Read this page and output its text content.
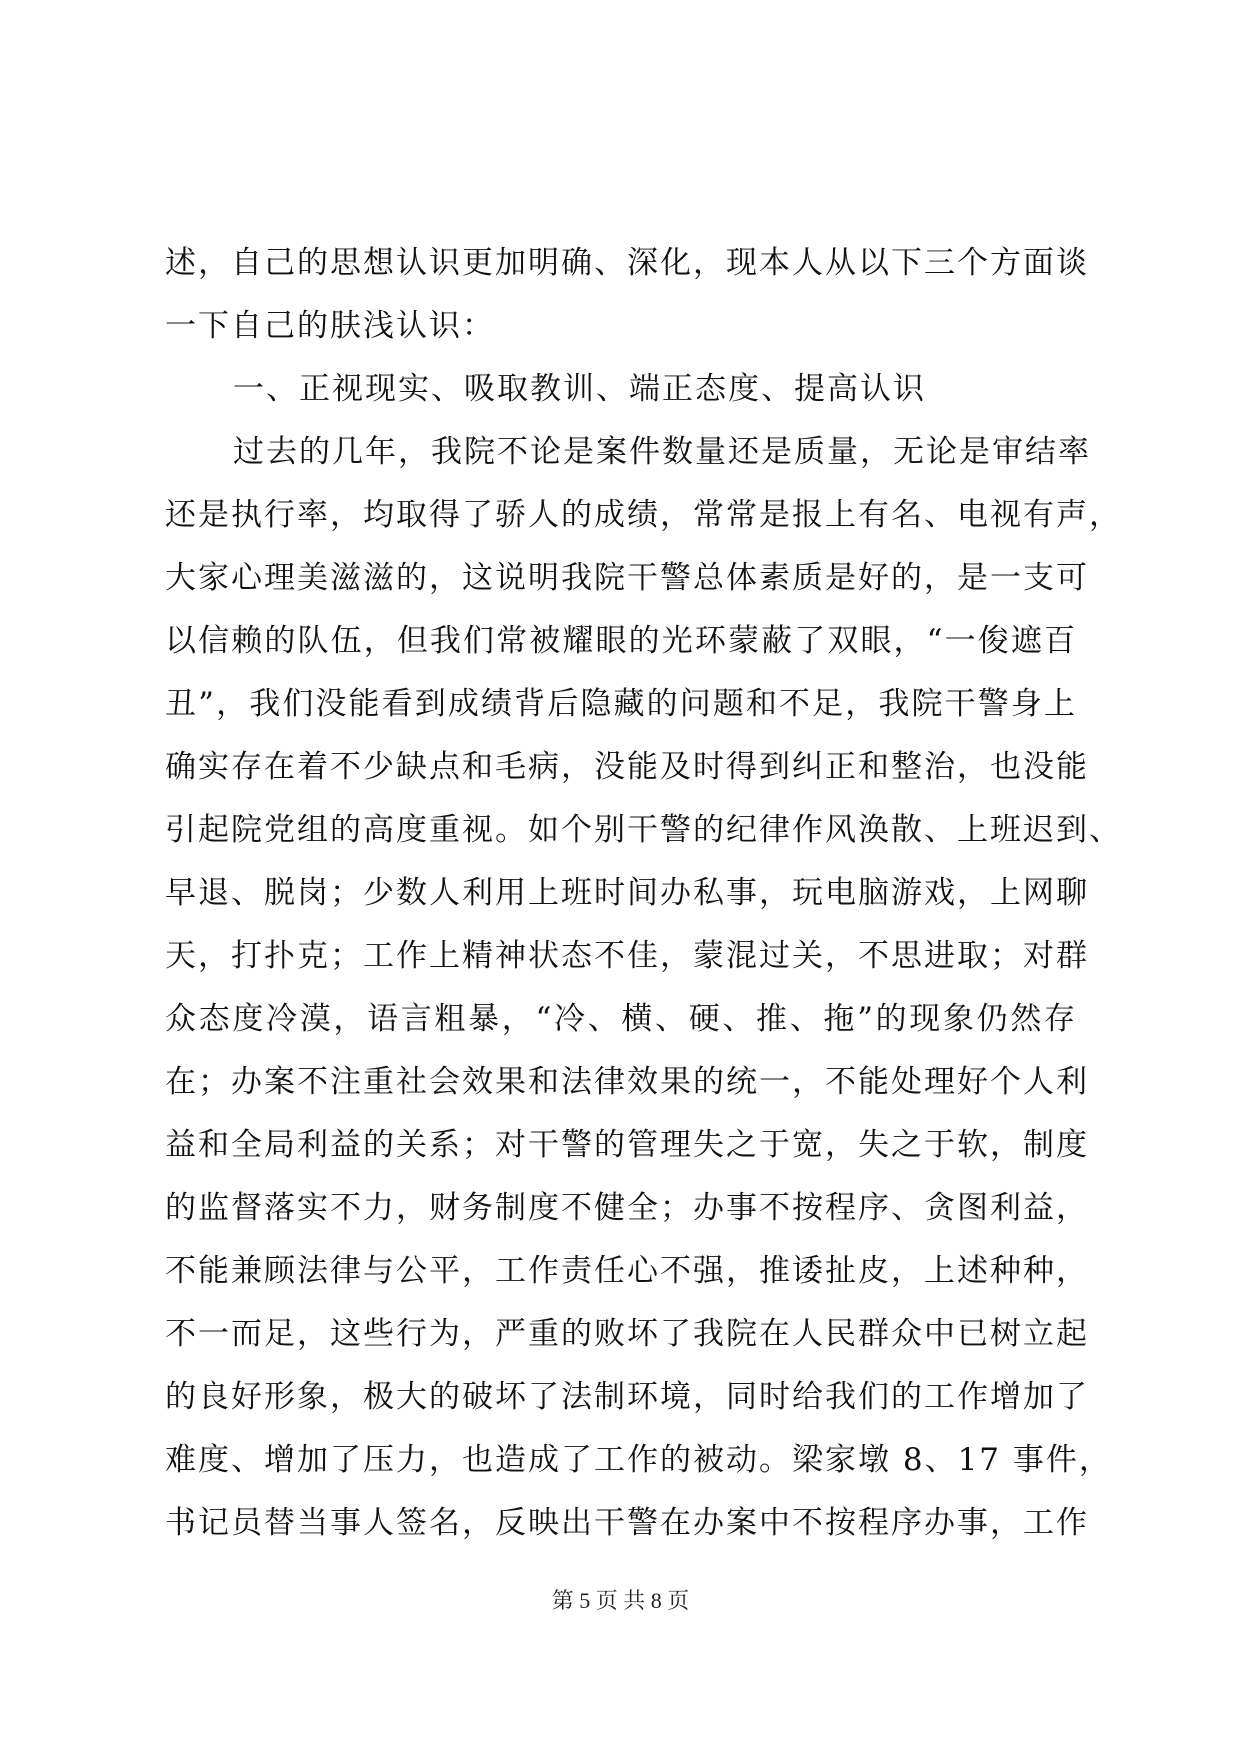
述，自己的思想认识更加明确、深化，现本人从以下三个方面谈
一下自己的肤浅认识：
一、正视现实、吸取教训、端正态度、提高认识
过去的几年，我院不论是案件数量还是质量，无论是审结率
还是执行率，均取得了骄人的成绩，常常是报上有名、电视有声，
大家心理美滋滋的，这说明我院干警总体素质是好的，是一支可
以信赖的队伍，但我们常被耀眼的光环蒙蔽了双眼，“一俊遮百
丑”，我们没能看到成绩背后隐藏的问题和不足，我院干警身上
确实存在着不少缺点和毛病，没能及时得到纠正和整治，也没能
引起院党组的高度重视。如个别干警的纪律作风涣散、上班迟到、
早退、脱岗；少数人利用上班时间办私事，玩电脑游戏，上网聊
天，打扑克；工作上精神状态不佳，蒙混过关，不思进取；对群
众态度冷漠，语言粗暴，“冷、横、硬、推、拖”的现象仍然存
在；办案不注重社会效果和法律效果的统一，不能处理好个人利
益和全局利益的关系；对干警的管理失之于宽，失之于软，制度
的监督落实不力，财务制度不健全；办事不按程序、贪图利益，
不能兼顾法律与公平，工作责任心不强，推诿扯皮，上述种种，
不一而足，这些行为，严重的败坏了我院在人民群众中已树立起
的良好形象，极大的破坏了法制环境，同时给我们的工作增加了
难度、增加了压力，也造成了工作的被动。梁家墩 8、17 事件，
书记员替当事人签名，反映出干警在办案中不按程序办事，工作
第 5 页 共 8 页
